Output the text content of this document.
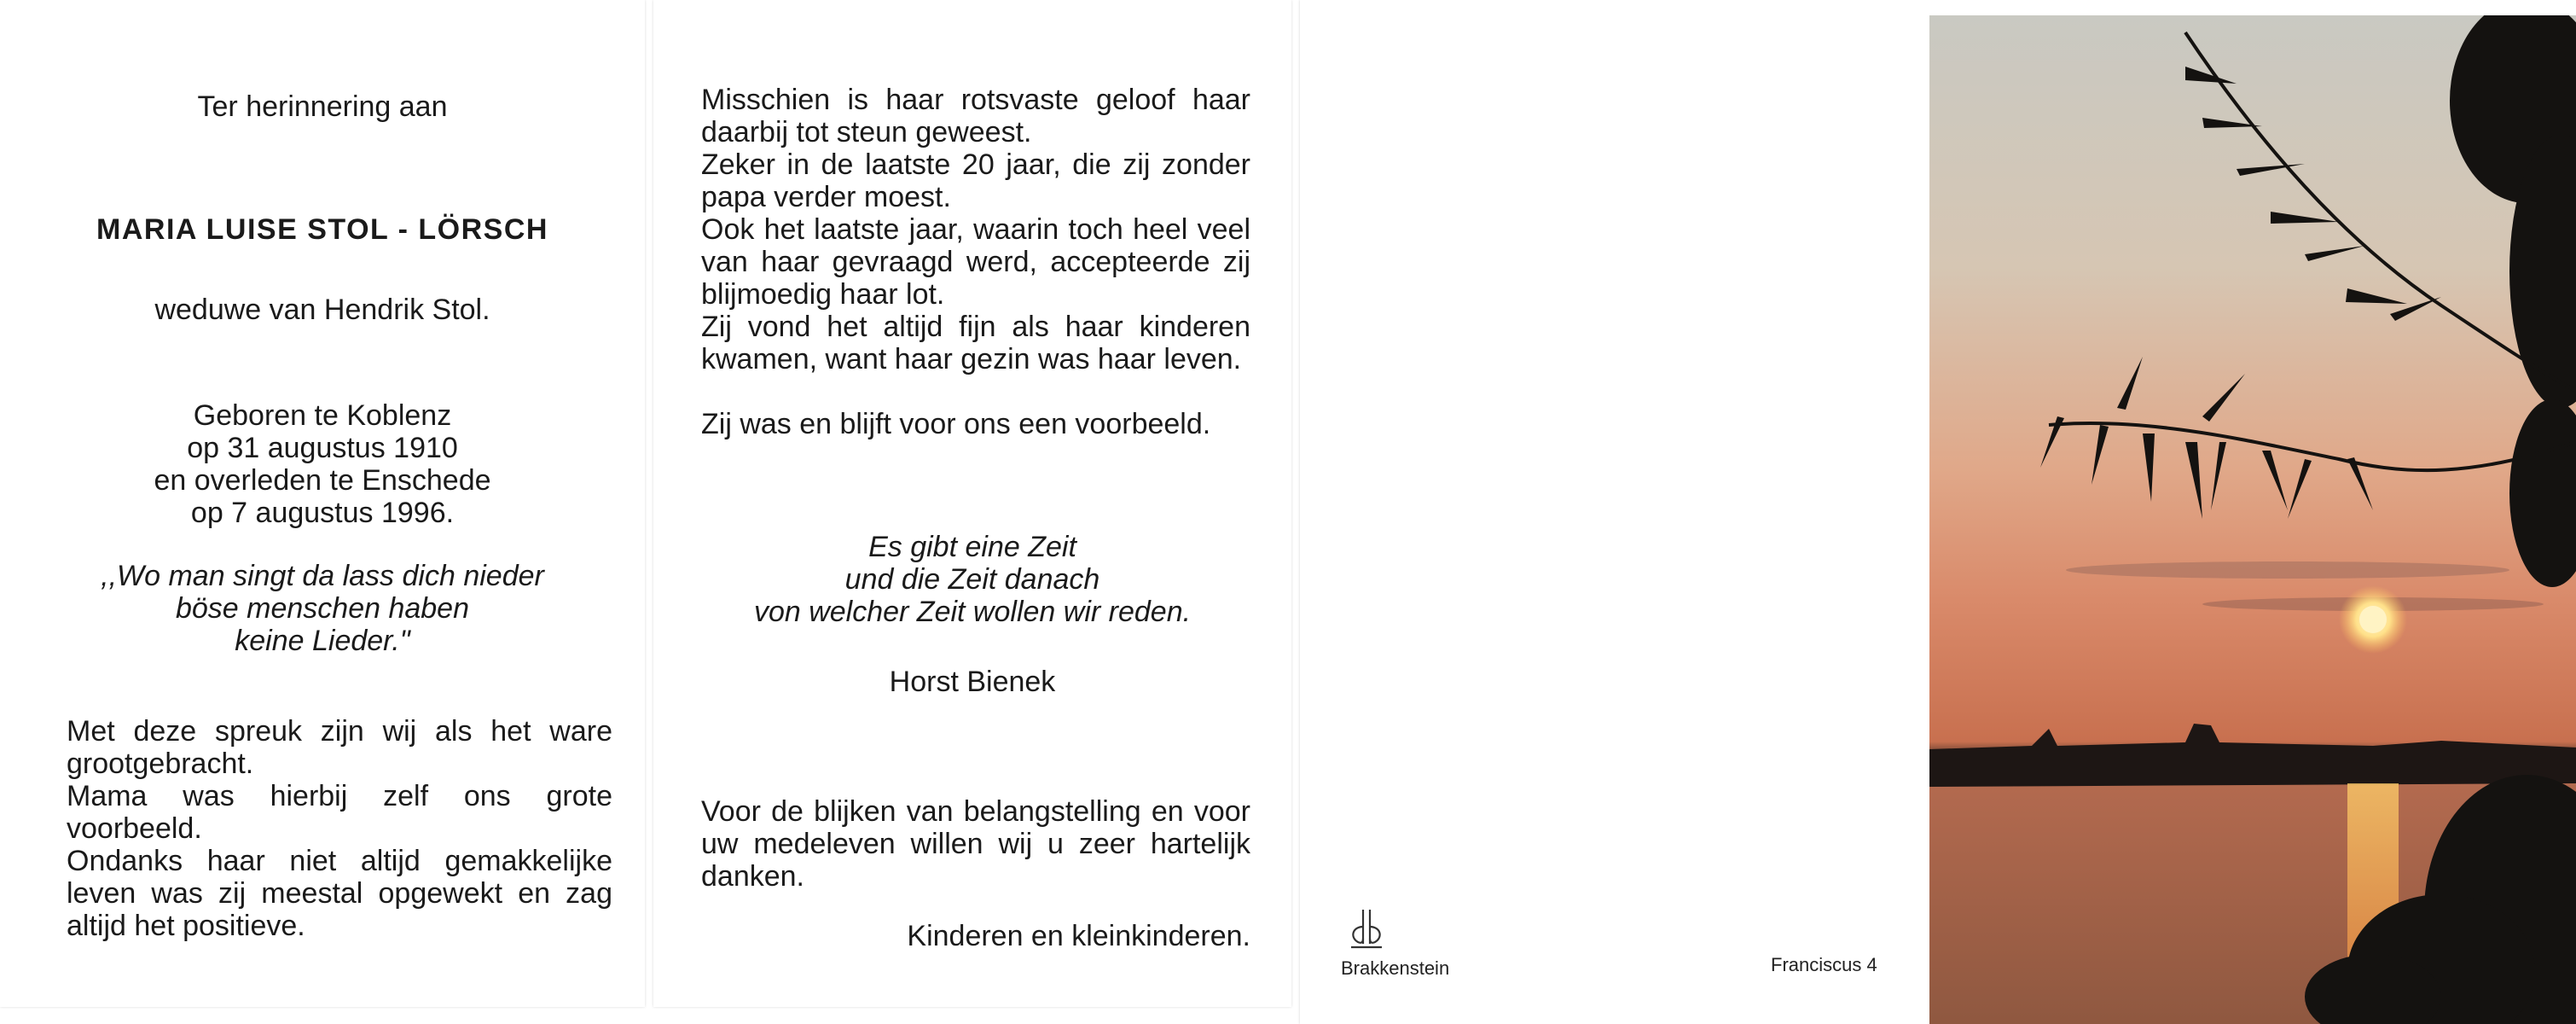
Ter herinnering aan
MARIA LUISE STOL - LÖRSCH
weduwe van Hendrik Stol.
Geboren te Koblenz
op 31 augustus 1910
en overleden te Enschede
op 7 augustus 1996.
,,Wo man singt da lass dich nieder
böse menschen haben
keine Lieder."
Met deze spreuk zijn wij als het ware grootgebracht.
Mama was hierbij zelf ons grote voorbeeld.
Ondanks haar niet altijd gemakkelijke leven was zij meestal opgewekt en zag altijd het positieve.
Misschien is haar rotsvaste geloof haar daarbij tot steun geweest.
Zeker in de laatste 20 jaar, die zij zonder papa verder moest.
Ook het laatste jaar, waarin toch heel veel van haar gevraagd werd, accepteerde zij blijmoedig haar lot.
Zij vond het altijd fijn als haar kinderen kwamen, want haar gezin was haar leven.
Zij was en blijft voor ons een voorbeeld.
Es gibt eine Zeit
und die Zeit danach
von welcher Zeit wollen wir reden.
Horst Bienek
Voor de blijken van belangstelling en voor uw medeleven willen wij u zeer hartelijk danken.
Kinderen en kleinkinderen.
Brakkenstein	Franciscus 4
